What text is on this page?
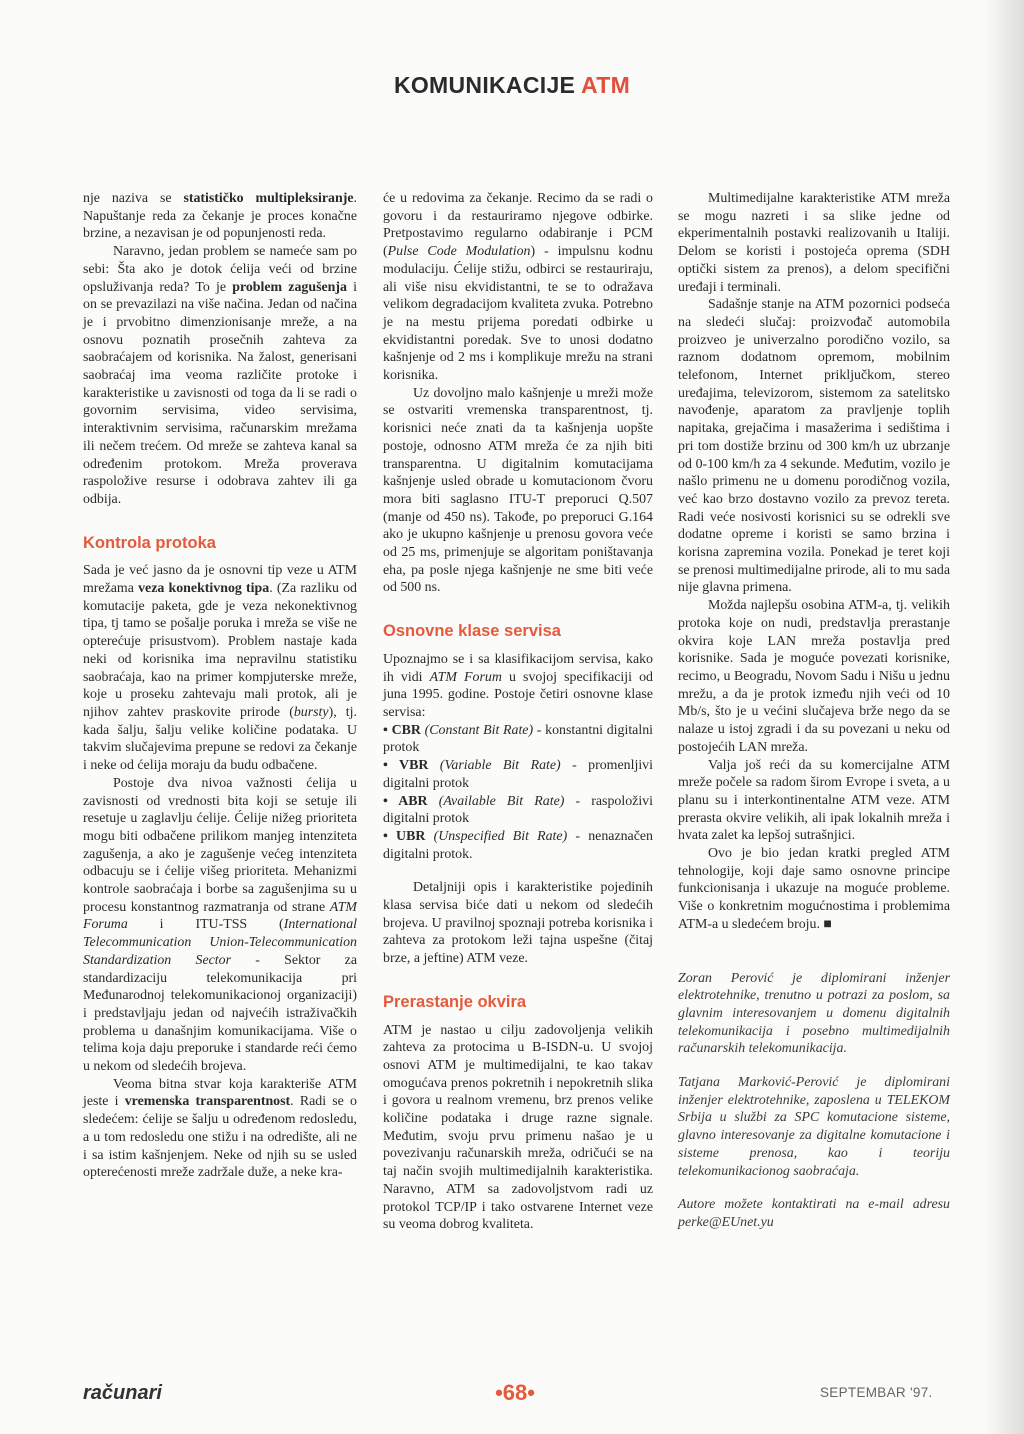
KOMUNIKACIJE ATM

nje naziva se statističko multipleksiranje. Napuštanje reda za čekanje je proces konačne brzine, a nezavisan je od popunjenosti reda.

Naravno, jedan problem se nameće sam po sebi: Šta ako je dotok ćelija veći od brzine opsluživanja reda? To je problem zagušenja i on se prevazilazi na više načina. Jedan od načina je i prvobitno dimenzionisanje mreže, a na osnovu poznatih prosečnih zahteva za saobraćajem od korisnika. Na žalost, generisani saobraćaj ima veoma različite protoke i karakteristike u zavisnosti od toga da li se radi o govornim servisima, video servisima, interaktivnim servisima, računarskim mrežama ili nečem trećem. Od mreže se zahteva kanal sa određenim protokom. Mreža proverava raspoložive resurse i odobrava zahtev ili ga odbija.

Kontrola protoka

Sada je već jasno da je osnovni tip veze u ATM mrežama veza konektivnog tipa. (Za razliku od komutacije paketa, gde je veza nekonektivnog tipa, tj tamo se pošalje poruka i mreža se više ne opterećuje prisustvom). Problem nastaje kada neki od korisnika ima nepravilnu statistiku saobraćaja, kao na primer kompjuterske mreže, koje u proseku zahtevaju mali protok, ali je njihov zahtev praskovite prirode (bursty), tj. kada šalju, šalju velike količine podataka. U takvim slučajevima prepune se redovi za čekanje i neke od ćelija moraju da budu odbačene.

Postoje dva nivoa važnosti ćelija u zavisnosti od vrednosti bita koji se setuje ili resetuje u zaglavlju ćelije. Ćelije nižeg prioriteta mogu biti odbačene prilikom manjeg intenziteta zagušenja, a ako je zagušenje većeg intenziteta odbacuju se i ćelije višeg prioriteta. Mehanizmi kontrole saobraćaja i borbe sa zagušenjima su u procesu konstantnog razmatranja od strane ATM Foruma i ITU-TSS (International Telecommunication Union-Telecommunication Standardization Sector - Sektor za standardizaciju telekomunikacija pri Međunarodnoj telekomunikacionoj organizaciji) i predstavljaju jedan od najvećih istraživačkih problema u današnjim komunikacijama. Više o telima koja daju preporuke i standarde reći ćemo u nekom od sledećih brojeva.

Veoma bitna stvar koja karakteriše ATM jeste i vremenska transparentnost. Radi se o sledećem: ćelije se šalju u određenom redosledu, a u tom redosledu one stižu i na odredište, ali ne i sa istim kašnjenjem. Neke od njih su se usled opterećenosti mreže zadržale duže, a neke kra-

će u redovima za čekanje. Recimo da se radi o govoru i da restauriramo njegove odbirke. Pretpostavimo regularno odabiranje i PCM (Pulse Code Modulation) - impulsnu kodnu modulaciju. Ćelije stižu, odbirci se restauriraju, ali više nisu ekvidistantni, te se to odražava velikom degradacijom kvaliteta zvuka. Potrebno je na mestu prijema poredati odbirke u ekvidistantni poredak. Sve to unosi dodatno kašnjenje od 2 ms i komplikuje mrežu na strani korisnika.

Uz dovoljno malo kašnjenje u mreži može se ostvariti vremenska transparentnost, tj. korisnici neće znati da ta kašnjenja uopšte postoje, odnosno ATM mreža će za njih biti transparentna. U digitalnim komutacijama kašnjenje usled obrade u komutacionom čvoru mora biti saglasno ITU-T preporuci Q.507 (manje od 450 ns). Takođe, po preporuci G.164 ako je ukupno kašnjenje u prenosu govora veće od 25 ms, primenjuje se algoritam poništavanja eha, pa posle njega kašnjenje ne sme biti veće od 500 ns.

Osnovne klase servisa

Upoznajmo se i sa klasifikacijom servisa, kako ih vidi ATM Forum u svojoj specifikaciji od juna 1995. godine. Postoje četiri osnovne klase servisa:

• CBR (Constant Bit Rate) - konstantni digitalni protok

• VBR (Variable Bit Rate) - promenljivi digitalni protok

• ABR (Available Bit Rate) - raspoloživi digitalni protok

• UBR (Unspecified Bit Rate) - nenaznačen digitalni protok.

Detaljniji opis i karakteristike pojedinih klasa servisa biće dati u nekom od sledećih brojeva. U pravilnoj spoznaji potreba korisnika i zahteva za protokom leži tajna uspešne (čitaj brze, a jeftine) ATM veze.

Prerastanje okvira

ATM je nastao u cilju zadovoljenja velikih zahteva za protocima u B-ISDN-u. U svojoj osnovi ATM je multimedijalni, te kao takav omogućava prenos pokretnih i nepokretnih slika i govora u realnom vremenu, brz prenos velike količine podataka i druge razne signale. Međutim, svoju prvu primenu našao je u povezivanju računarskih mreža, odričući se na taj način svojih multimedijalnih karakteristika. Naravno, ATM sa zadovoljstvom radi uz protokol TCP/IP i tako ostvarene Internet veze su veoma dobrog kvaliteta.

Multimedijalne karakteristike ATM mreža se mogu nazreti i sa slike jedne od ekperimentalnih postavki realizovanih u Italiji. Delom se koristi i postojeća oprema (SDH optički sistem za prenos), a delom specifični uređaji i terminali.

Sadašnje stanje na ATM pozornici podseća na sledeći slučaj: proizvođač automobila proizveo je univerzalno porodično vozilo, sa raznom dodatnom opremom, mobilnim telefonom, Internet priključkom, stereo uređajima, televizorom, sistemom za satelitsko navođenje, aparatom za pravljenje toplih napitaka, grejačima i masažerima i sedištima i pri tom dostiže brzinu od 300 km/h uz ubrzanje od 0-100 km/h za 4 sekunde. Međutim, vozilo je našlo primenu ne u domenu porodičnog vozila, već kao brzo dostavno vozilo za prevoz tereta. Radi veće nosivosti korisnici su se odrekli sve dodatne opreme i koristi se samo brzina i korisna zapremina vozila. Ponekad je teret koji se prenosi multimedijalne prirode, ali to mu sada nije glavna primena.

Možda najlepšu osobina ATM-a, tj. velikih protoka koje on nudi, predstavlja prerastanje okvira koje LAN mreža postavlja pred korisnike. Sada je moguće povezati korisnike, recimo, u Beogradu, Novom Sadu i Nišu u jednu mrežu, a da je protok između njih veći od 10 Mb/s, što je u većini slučajeva brže nego da se nalaze u istoj zgradi i da su povezani u neku od postojećih LAN mreža.

Valja još reći da su komercijalne ATM mreže počele sa radom širom Evrope i sveta, a u planu su i interkontinentalne ATM veze. ATM prerasta okvire velikih, ali ipak lokalnih mreža i hvata zalet ka lepšoj sutrašnjici.

Ovo je bio jedan kratki pregled ATM tehnologije, koji daje samo osnovne principe funkcionisanja i ukazuje na moguće probleme. Više o konkretnim mogućnostima i problemima ATM-a u sledećem broju. ■

Zoran Perović je diplomirani inženjer elektrotehnike, trenutno u potrazi za poslom, sa glavnim interesovanjem u domenu digitalnih telekomunikacija i posebno multimedijalnih računarskih telekomunikacija.

Tatjana Marković-Perović je diplomirani inženjer elektrotehnike, zaposlena u TELEKOM Srbija u službi za SPC komutacione sisteme, glavno interesovanje za digitalne komutacione i sisteme prenosa, kao i teoriju telekomunikacionog saobraćaja.

Autore možete kontaktirati na e-mail adresu perke@EUnet.yu

računari	•68•	SEPTEMBAR '97.
